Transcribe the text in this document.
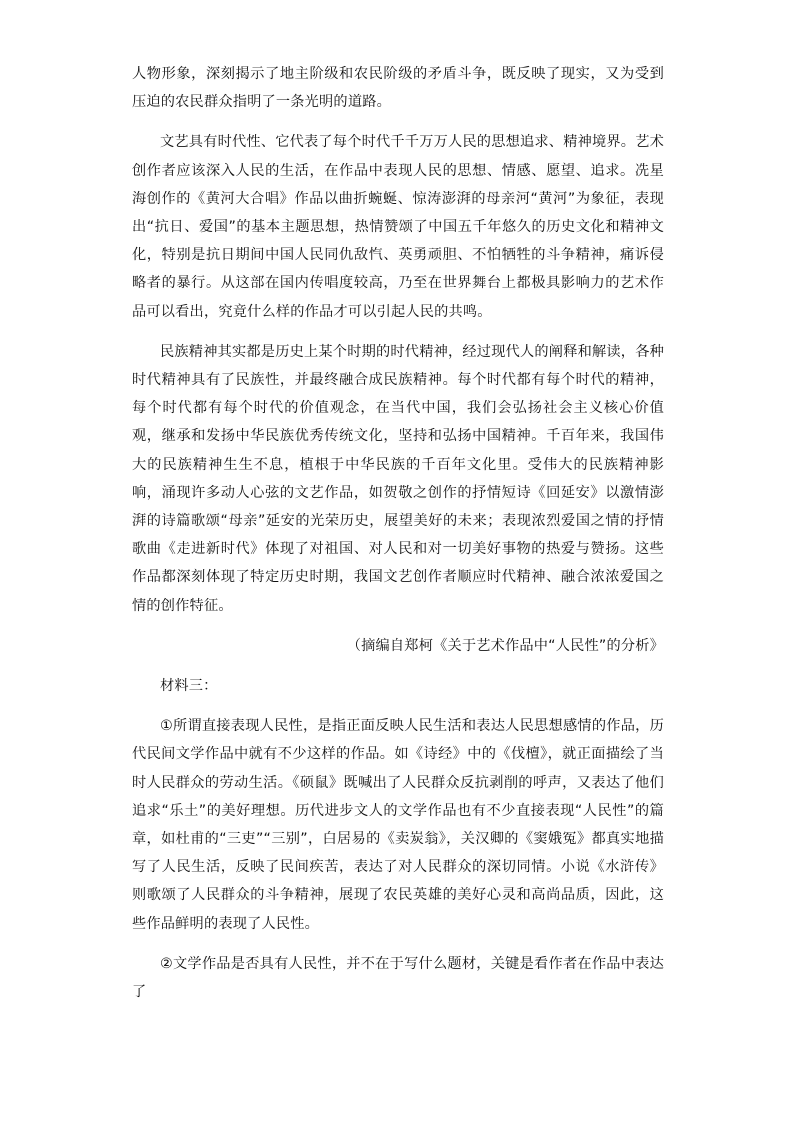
人物形象，深刻揭示了地主阶级和农民阶级的矛盾斗争，既反映了现实，又为受到压迫的农民群众指明了一条光明的道路。

文艺具有时代性、它代表了每个时代千千万万人民的思想追求、精神境界。艺术创作者应该深入人民的生活，在作品中表现人民的思想、情感、愿望、追求。冼星海创作的《黄河大合唱》作品以曲折蜿蜒、惊涛澎湃的母亲河“黄河”为象征，表现出“抗日、爱国”的基本主题思想，热情赞颂了中国五千年悠久的历史文化和精神文化，特别是抗日期间中国人民同仇敌忾、英勇顽胆、不怕牺牲的斗争精神，痛诉侵略者的暴行。从这部在国内传唱度较高，乃至在世界舞台上都极具影响力的艺术作品可以看出，究竟什么样的作品才可以引起人民的共鸣。

民族精神其实都是历史上某个时期的时代精神，经过现代人的阐释和解读，各种时代精神具有了民族性，并最终融合成民族精神。每个时代都有每个时代的精神，每个时代都有每个时代的价值观念，在当代中国，我们会弘扬社会主义核心价值观，继承和发扬中华民族优秀传统文化，坚持和弘扬中国精神。千百年来，我国伟大的民族精神生生不息，植根于中华民族的千百年文化里。受伟大的民族精神影响，涌现许多动人心弦的文艺作品，如贺敬之创作的抒情短诗《回延安》以激情澎湃的诗篇歌颂“母亲”延安的光荣历史，展望美好的未来；表现浓烈爱国之情的抒情歌曲《走进新时代》体现了对祖国、对人民和对一切美好事物的热爱与赞扬。这些作品都深刻体现了特定历史时期，我国文艺创作者顺应时代精神、融合浓浓爱国之情的创作特征。

（摘编自郑柯《关于艺术作品中“人民性”的分析》

材料三：

①所谓直接表现人民性，是指正面反映人民生活和表达人民思想感情的作品，历代民间文学作品中就有不少这样的作品。如《诗经》中的《伐檀》，就正面描绘了当时人民群众的劳动生活。《硕鼠》既喊出了人民群众反抗剥削的呼声，又表达了他们追求“乐土”的美好理想。历代进步文人的文学作品也有不少直接表现“人民性”的篇章，如杜甫的“三吏”“三别”，白居易的《卖炭翁》，关汉卿的《窦娥冤》都真实地描写了人民生活，反映了民间疾苦，表达了对人民群众的深切同情。小说《水浒传》则歌颂了人民群众的斗争精神，展现了农民英雄的美好心灵和高尚品质，因此，这些作品鲜明的表现了人民性。

②文学作品是否具有人民性，并不在于写什么题材，关键是看作者在作品中表达了
